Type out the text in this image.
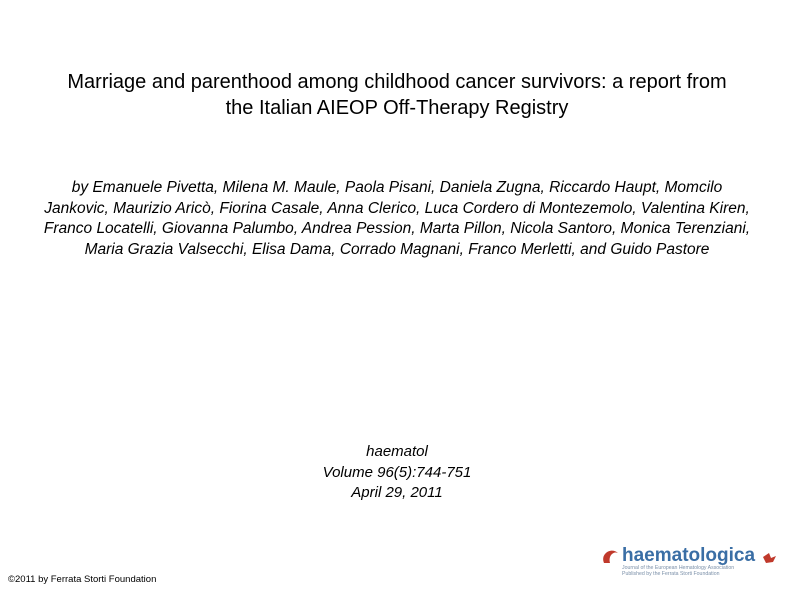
Marriage and parenthood among childhood cancer survivors: a report from the Italian AIEOP Off-Therapy Registry

by Emanuele Pivetta, Milena M. Maule, Paola Pisani, Daniela Zugna, Riccardo Haupt, Momcilo Jankovic, Maurizio Aricò, Fiorina Casale, Anna Clerico, Luca Cordero di Montezemolo, Valentina Kiren, Franco Locatelli, Giovanna Palumbo, Andrea Pession, Marta Pillon, Nicola Santoro, Monica Terenziani, Maria Grazia Valsecchi, Elisa Dama, Corrado Magnani, Franco Merletti, and Guido Pastore

haematol
Volume 96(5):744-751
April 29, 2011
©2011 by Ferrata Storti Foundation
haematologica
Journal of the European Hematology Association
Published by the Ferrata Storti Foundation
